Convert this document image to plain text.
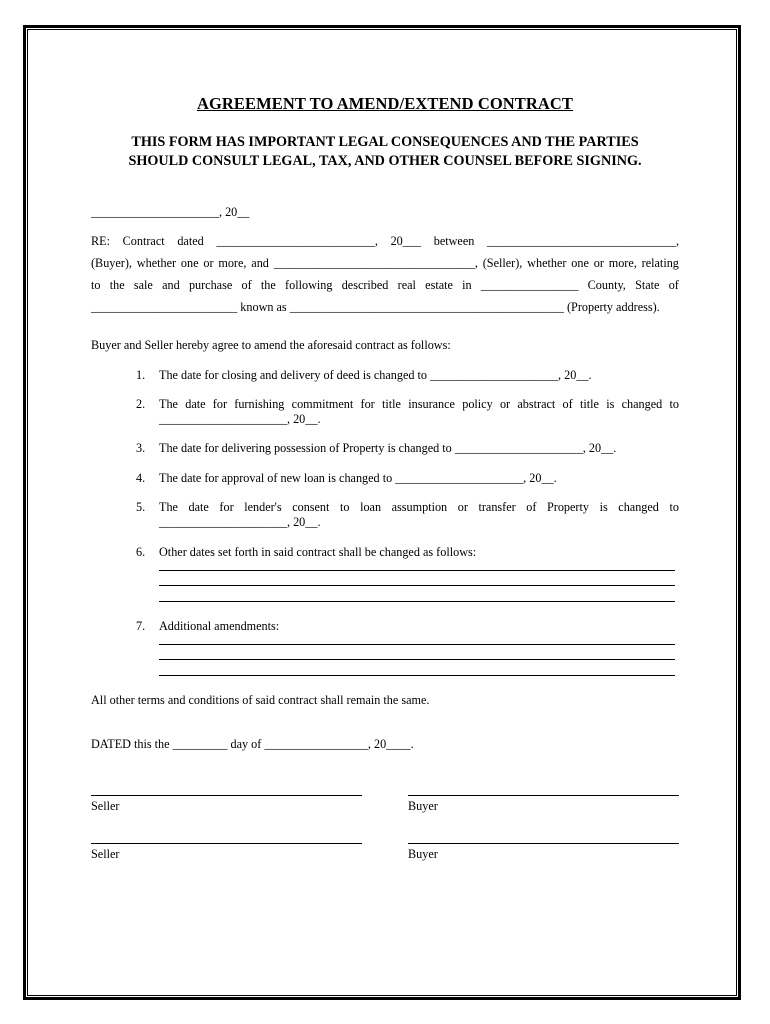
AGREEMENT TO AMEND/EXTEND CONTRACT
THIS FORM HAS IMPORTANT LEGAL CONSEQUENCES AND THE PARTIES
SHOULD CONSULT LEGAL, TAX, AND OTHER COUNSEL BEFORE SIGNING.
_____________________, 20__
RE: Contract dated __________________________, 20___ between _______________________________,
(Buyer), whether one or more, and _________________________________, (Seller), whether one or more, relating
to the sale and purchase of the following described real estate in ________________ County, State of
________________________ known as _____________________________________________ (Property address).
Buyer and Seller hereby agree to amend the aforesaid contract as follows:
1. The date for closing and delivery of deed is changed to _____________________, 20__.
2. The date for furnishing commitment for title insurance policy or abstract of title is changed to
_____________________, 20__.
3. The date for delivering possession of Property is changed to _____________________, 20__.
4. The date for approval of new loan is changed to _____________________, 20__.
5. The date for lender's consent to loan assumption or transfer of Property is changed to
_____________________, 20__.
6. Other dates set forth in said contract shall be changed as follows:
7. Additional amendments:
All other terms and conditions of said contract shall remain the same.
DATED this the _________ day of _________________, 20____.
Seller	Buyer
Seller	Buyer
